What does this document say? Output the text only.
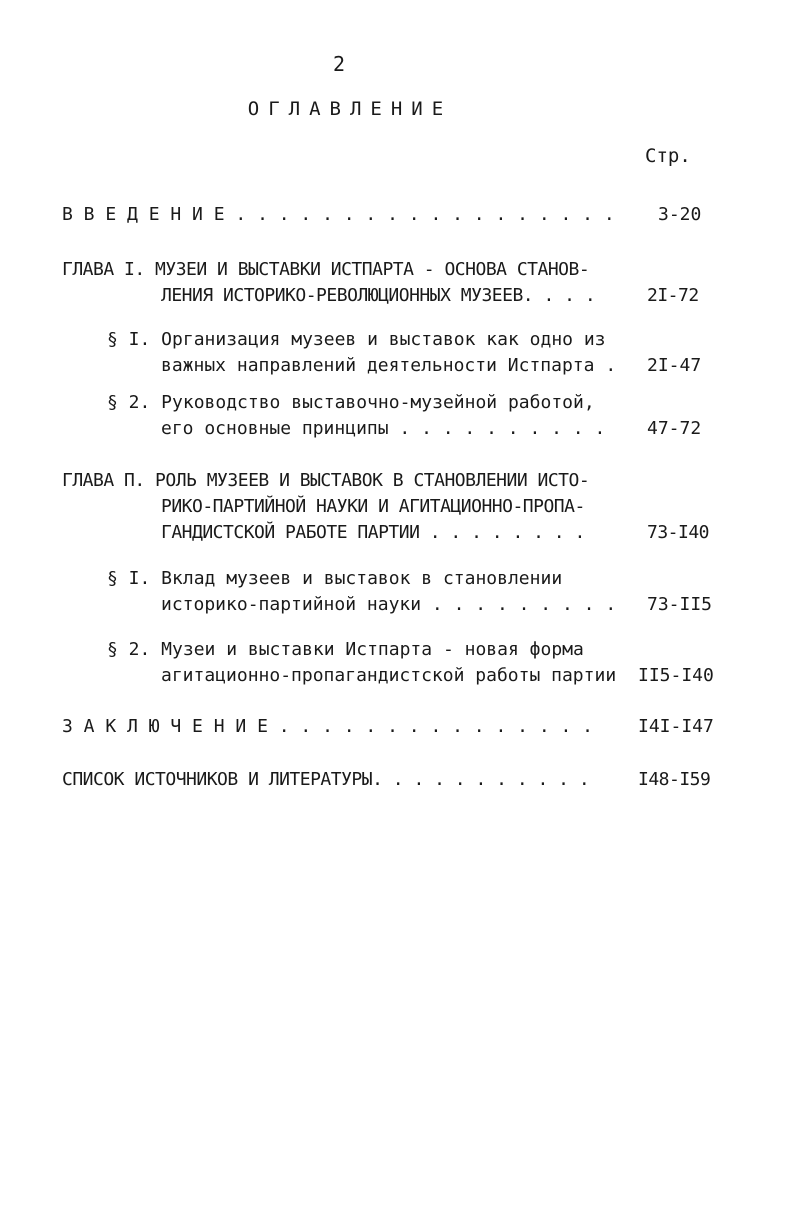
2
ОГЛАВЛЕНИЕ
Стр.
В В Е Д Е Н И Е . . . . . . . . . . . . . . . . . . 3-20
ГЛАВА I. МУЗЕИ И ВЫСТАВКИ ИСТПАРТА - ОСНОВА СТАНОВ-
ЛЕНИЯ ИСТОРИКО-РЕВОЛЮЦИОННЫХ МУЗЕЕВ. . . .	2I-72
§ I. Организация музеев и выставок как одно из
важных направлений деятельности Истпарта . 2I-47
§ 2. Руководство выставочно-музейной работой,
его основные принципы . . . . . . . . . . 47-72
ГЛАВА П. РОЛЬ МУЗЕЕВ И ВЫСТАВОК В СТАНОВЛЕНИИ ИСТО-
РИКО-ПАРТИЙНОЙ НАУКИ И АГИТАЦИОННО-ПРОПА-
ГАНДИСТСКОЙ РАБОТЕ ПАРТИИ . . . . . . . .	73-I40
§ I. Вклад музеев и выставок в становлении
историко-партийной науки . . . . . . . . . 73-II5
§ 2. Музеи и выставки Истпарта - новая форма
агитационно-пропагандистской работы партии II5-I40
З А К Л Ю Ч Е Н И Е . . . . . . . . . . . . . . . I4I-I47
СПИСОК ИСТОЧНИКОВ И ЛИТЕРАТУРЫ. . . . . . . . . . .	I48-I59
